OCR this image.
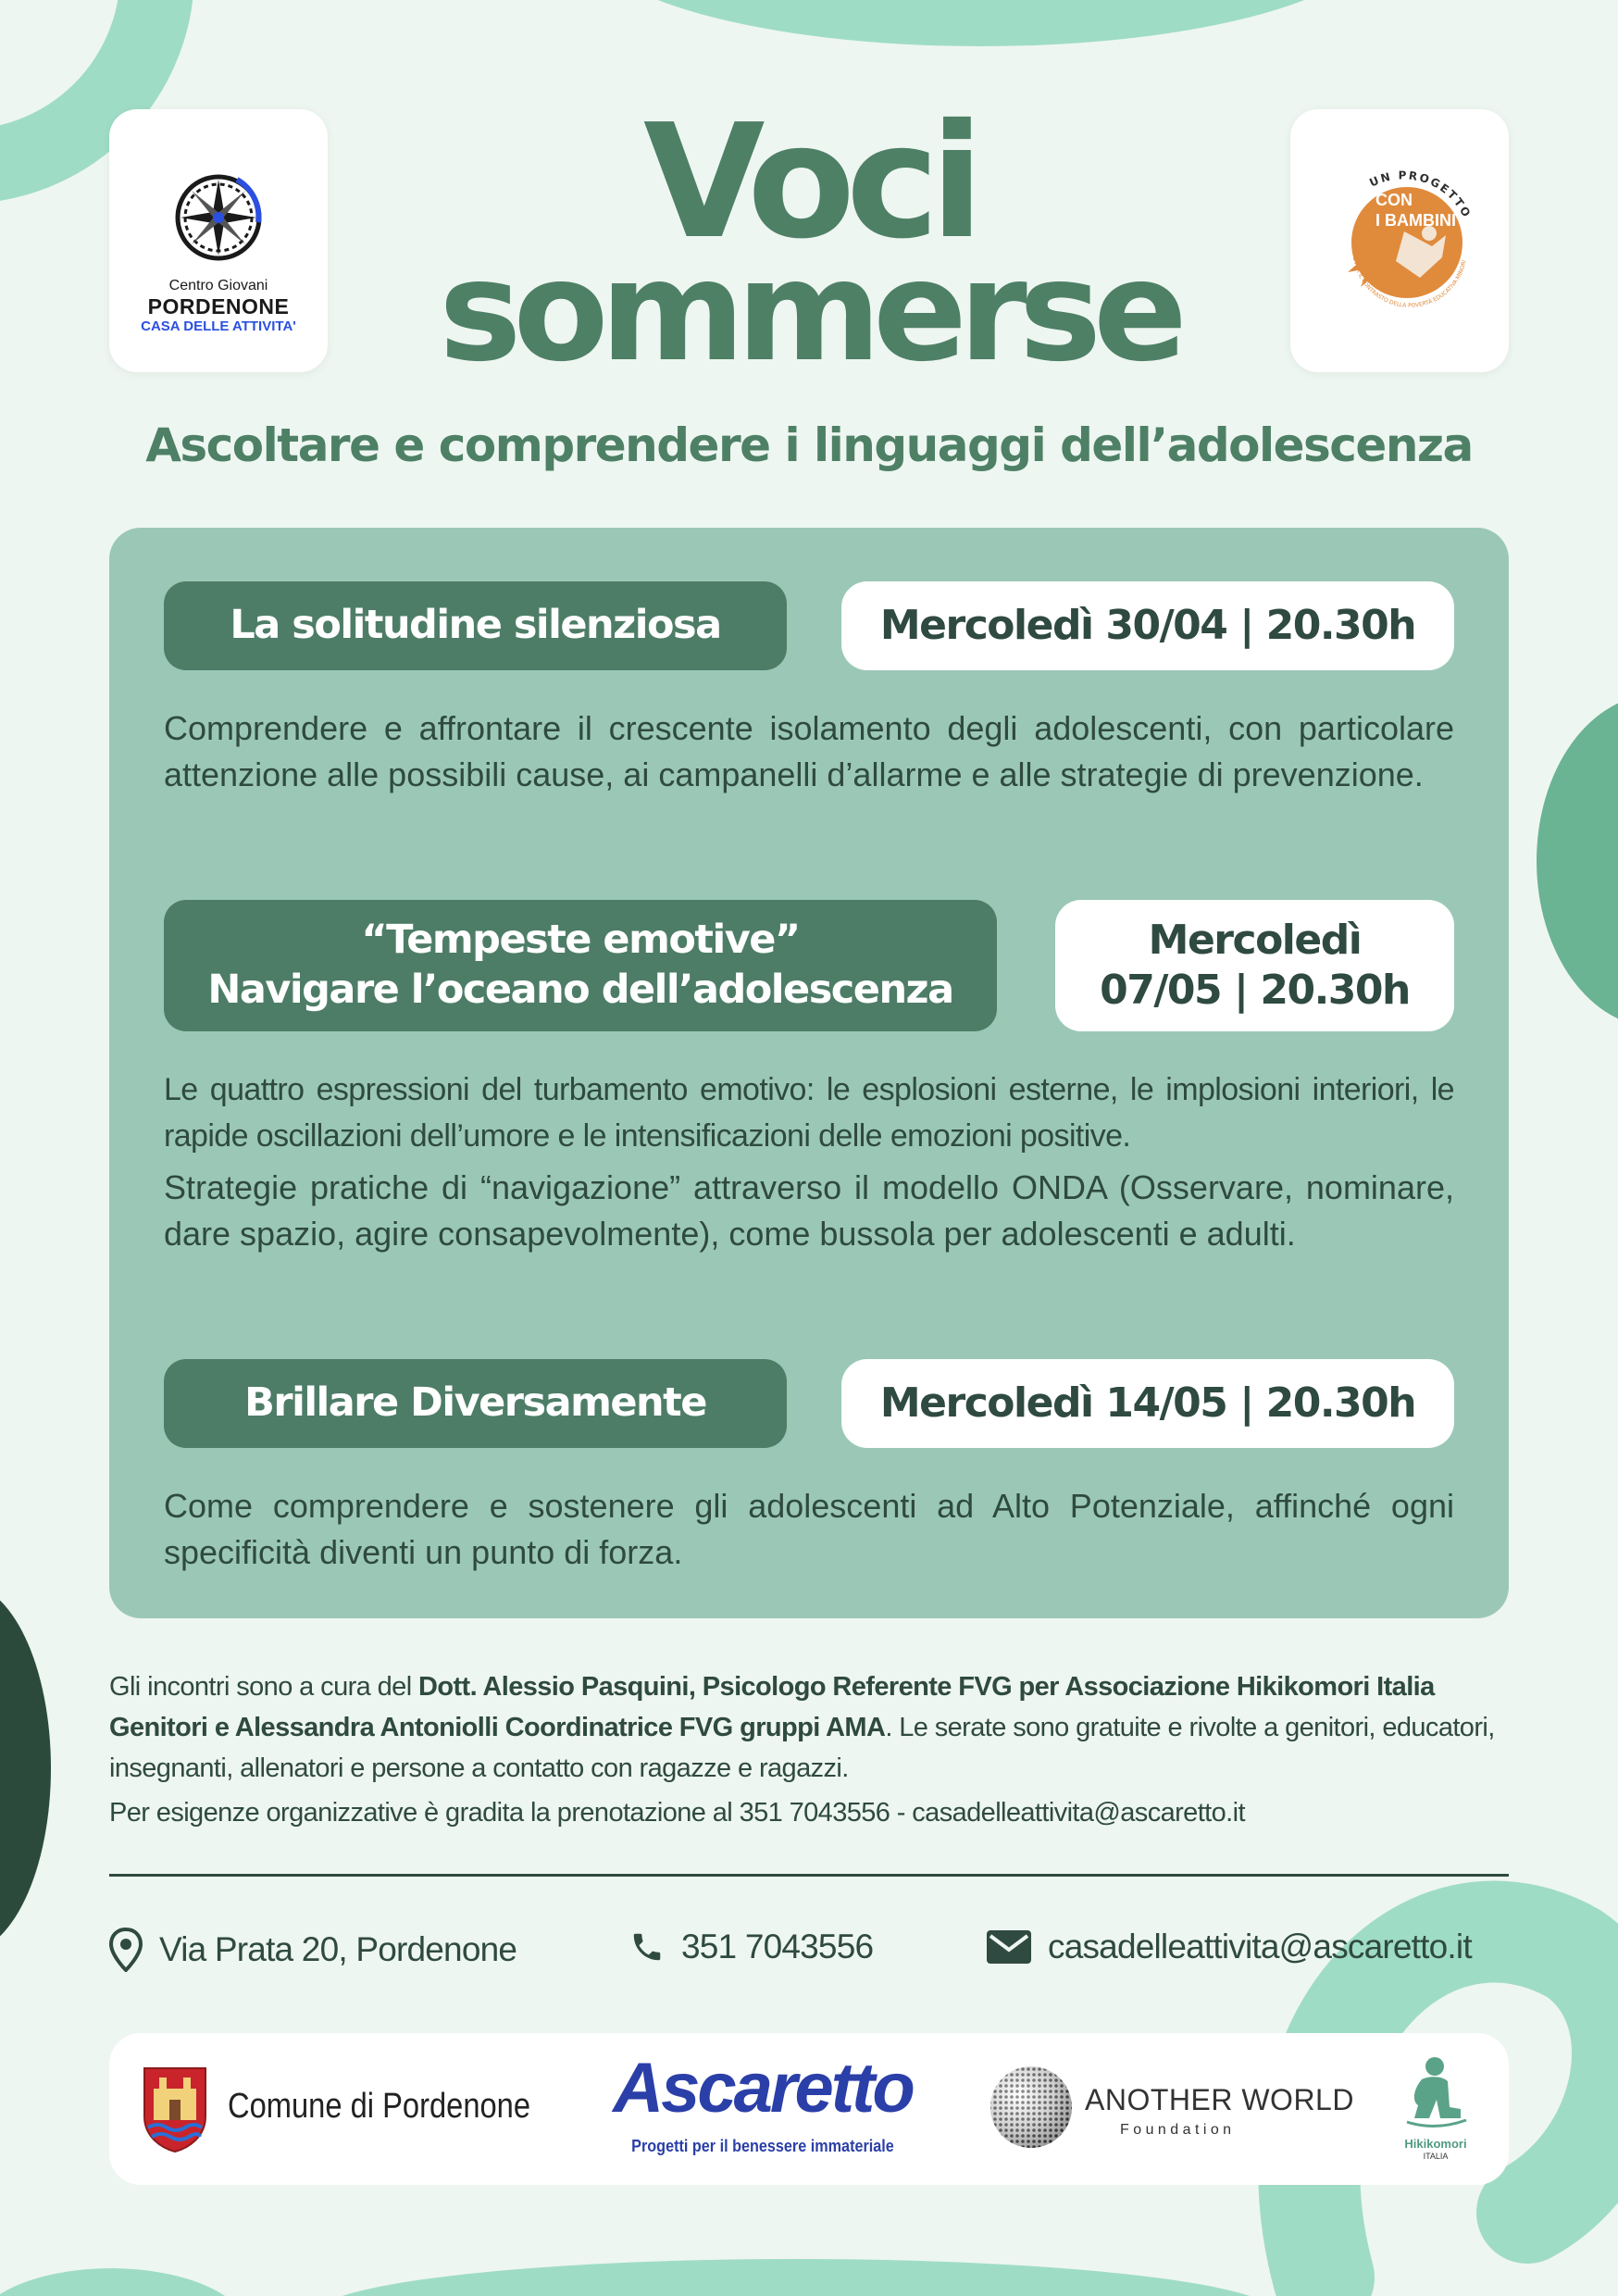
Centro Giovani
PORDENONE
CASA DELLE ATTIVITA'
UN PROGETTO
FONDO PER IL CONTRASTO DELLA POVERTÀ EDUCATIVA MINORI
CON
I BAMBINI
Voci
sommerse
Ascoltare e comprendere i linguaggi dell’adolescenza
La solitudine silenziosa	Mercoledì 30/04 | 20.30h
Comprendere e affrontare il crescente isolamento degli adolescenti, con particolare attenzione alle possibili cause, ai campanelli d’allarme e alle strategie di prevenzione.
“Tempeste emotive”
Navigare l’oceano dell’adolescenza
Mercoledì
07/05 | 20.30h
Le quattro espressioni del turbamento emotivo: le esplosioni esterne, le implosioni interiori, le rapide oscillazioni dell’umore e le intensificazioni delle emozioni positive.
Strategie pratiche di “navigazione” attraverso il modello ONDA (Osservare, nominare, dare spazio, agire consapevolmente), come bussola per adolescenti e adulti.
Brillare Diversamente	Mercoledì 14/05 | 20.30h
Come comprendere e sostenere gli adolescenti ad Alto Potenziale, affinché ogni specificità diventi un punto di forza.
Gli incontri sono a cura del Dott. Alessio Pasquini, Psicologo Referente FVG per Associazione Hikikomori Italia Genitori e Alessandra Antoniolli Coordinatrice FVG gruppi AMA. Le serate sono gratuite e rivolte a genitori, educatori, insegnanti, allenatori e persone a contatto con ragazze e ragazzi.
Per esigenze organizzative è gradita la prenotazione al 351 7043556 - casadelleattivita@ascaretto.it
Via Prata 20, Pordenone	351 7043556	casadelleattivita@ascaretto.it
Comune di Pordenone Ascaretto
Progetti per il benessere immateriale
ANOTHER WORLD
F o u n d a t i o n
Hikikomori
ITALIA
